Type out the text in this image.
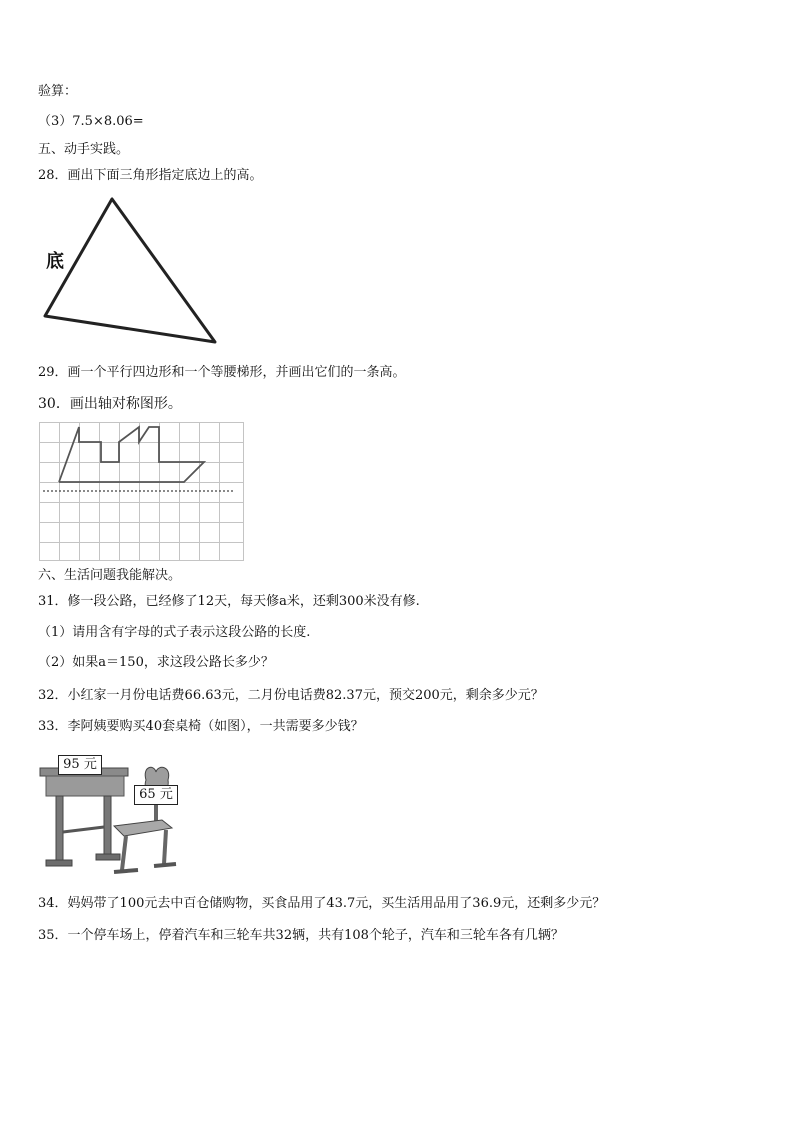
验算：
（3）7.5×8.06=
五、动手实践。
28．画出下面三角形指定底边上的高。
底
29．画一个平行四边形和一个等腰梯形，并画出它们的一条高。
30．画出轴对称图形。
六、生活问题我能解决。
31．修一段公路，已经修了12天，每天修a米，还剩300米没有修.
（1）请用含有字母的式子表示这段公路的长度.
（2）如果a＝150，求这段公路长多少？
32．小红家一月份电话费66.63元，二月份电话费82.37元，预交200元，剩余多少元？
33．李阿姨要购买40套桌椅（如图），一共需要多少钱？
95 元
65 元
34．妈妈带了100元去中百仓储购物，买食品用了43.7元，买生活用品用了36.9元，还剩多少元？
35．一个停车场上，停着汽车和三轮车共32辆，共有108个轮子，汽车和三轮车各有几辆？
